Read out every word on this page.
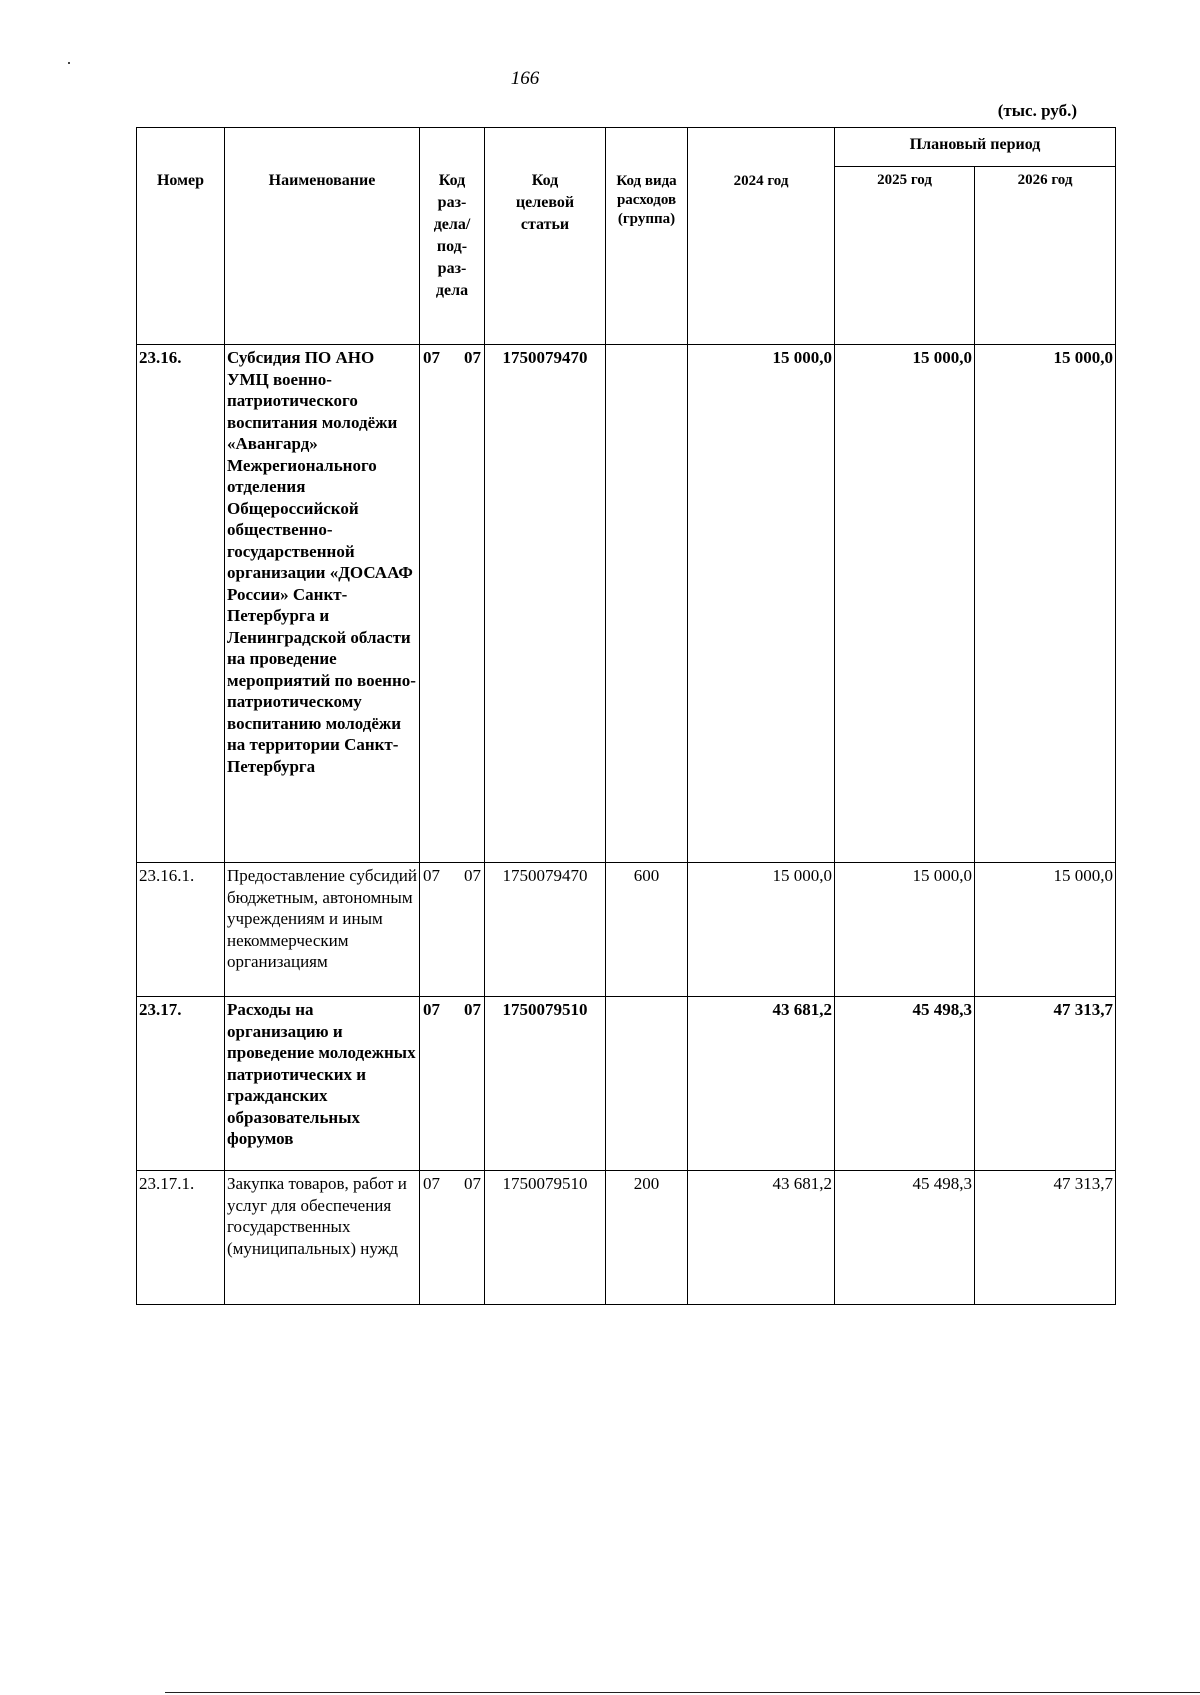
166
(тыс. руб.)
Номер	Наименование	Код раз-дела/ под-раз-дела	Код целевой статьи	Код вида расходов (группа)	2024 год	Плановый период	
						2025 год	2026 год
23.16.	Субсидия ПО АНО УМЦ военно-патриотического воспитания молодёжи «Авангард» Межрегионального отделения Общероссийской общественно-государственной организации «ДОСААФ России» Санкт-Петербурга и Ленинградской области на проведение мероприятий по военно-патриотическому воспитанию молодёжи на территории Санкт-Петербурга	07 07	1750079470		15 000,0	15 000,0	15 000,0
23.16.1.	Предоставление субсидий бюджетным, автономным учреждениям и иным некоммерческим организациям	07 07	1750079470	600	15 000,0	15 000,0	15 000,0
23.17.	Расходы на организацию и проведение молодежных патриотических и гражданских образовательных форумов	07 07	1750079510		43 681,2	45 498,3	47 313,7
23.17.1.	Закупка товаров, работ и услуг для обеспечения государственных (муниципальных) нужд	07 07	1750079510	200	43 681,2	45 498,3	47 313,7
